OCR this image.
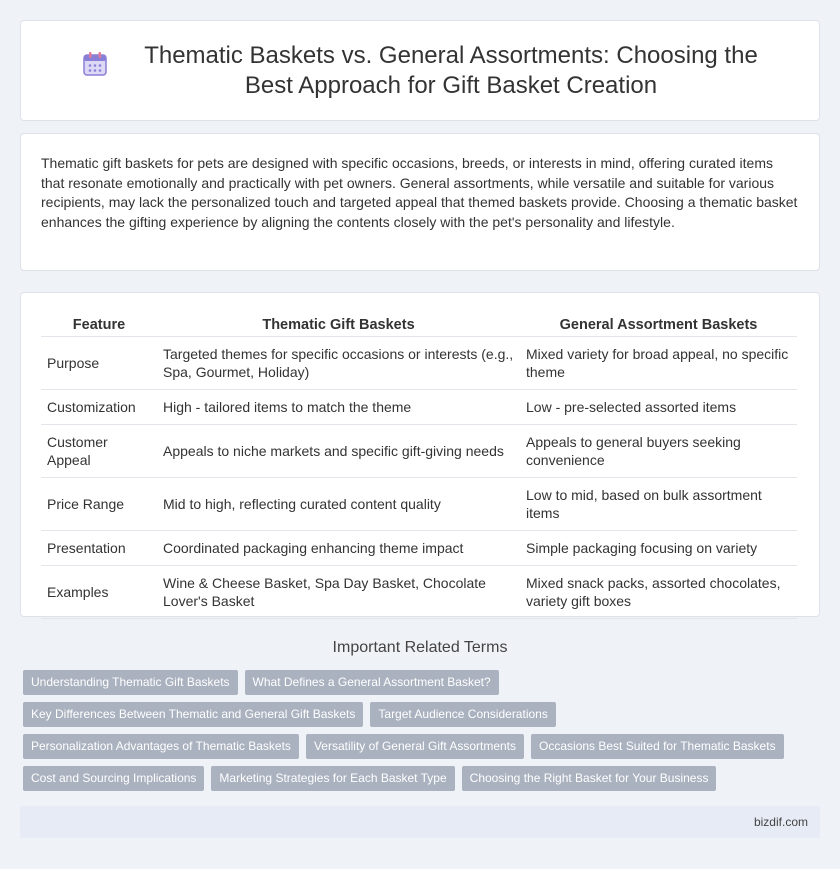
Thematic Baskets vs. General Assortments: Choosing the Best Approach for Gift Basket Creation

Thematic gift baskets for pets are designed with specific occasions, breeds, or interests in mind, offering curated items that resonate emotionally and practically with pet owners. General assortments, while versatile and suitable for various recipients, may lack the personalized touch and targeted appeal that themed baskets provide. Choosing a thematic basket enhances the gifting experience by aligning the contents closely with the pet's personality and lifestyle.

Feature	Thematic Gift Baskets	General Assortment Baskets
Purpose	Targeted themes for specific occasions or interests (e.g., Spa, Gourmet, Holiday)	Mixed variety for broad appeal, no specific theme
Customization	High - tailored items to match the theme	Low - pre-selected assorted items
Customer Appeal	Appeals to niche markets and specific gift-giving needs	Appeals to general buyers seeking convenience
Price Range	Mid to high, reflecting curated content quality	Low to mid, based on bulk assortment items
Presentation	Coordinated packaging enhancing theme impact	Simple packaging focusing on variety
Examples	Wine & Cheese Basket, Spa Day Basket, Chocolate Lover's Basket	Mixed snack packs, assorted chocolates, variety gift boxes
Important Related Terms
Understanding Thematic Gift Baskets	What Defines a General Assortment Basket?
Key Differences Between Thematic and General Gift Baskets	Target Audience Considerations
Personalization Advantages of Thematic Baskets	Versatility of General Gift Assortments	Occasions Best Suited for Thematic Baskets
Cost and Sourcing Implications	Marketing Strategies for Each Basket Type	Choosing the Right Basket for Your Business
bizdif.com
